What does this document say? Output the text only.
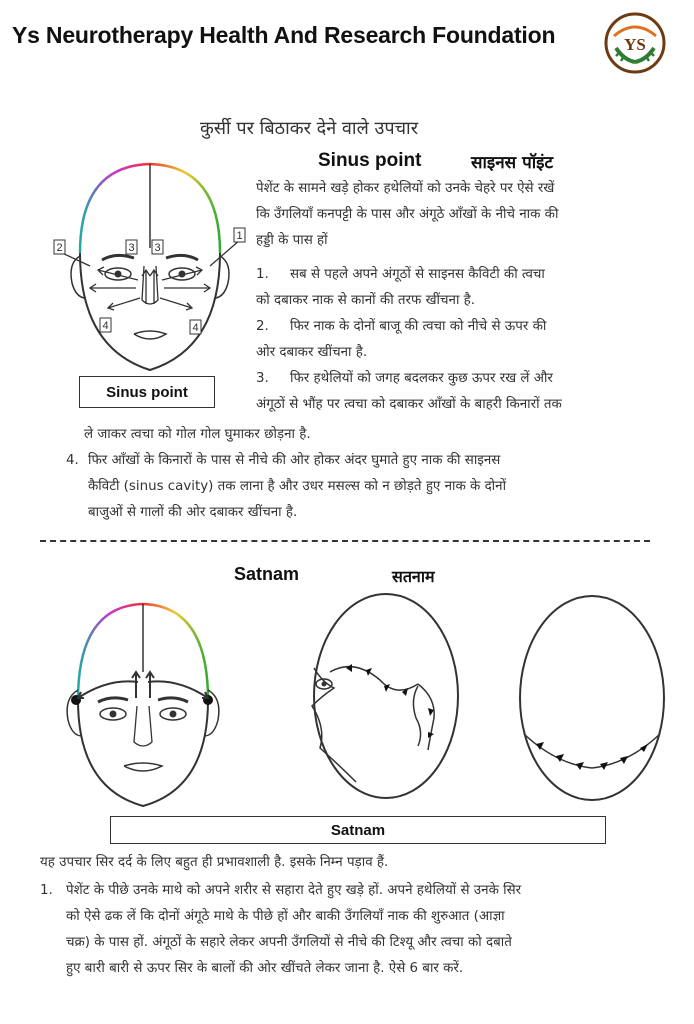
Ys Neurotherapy Health And Research Foundation	YS
कुर्सी पर बिठाकर देने वाले उपचार
Sinus point	साइनस पॉइंट
1
2	3 3
4	4
Sinus point
पेशेंट के सामने खड़े होकर हथेलियों को उनके चेहरे पर ऐसे रखें
कि उँगलियाँ कनपट्टी के पास और अंगूठे आँखों के नीचे नाक की
हड्डी के पास हों
1. सब से पहले अपने अंगूठों से साइनस कैविटी की त्वचा
को दबाकर नाक से कानों की तरफ खींचना है.
2. फिर नाक के दोनों बाजू की त्वचा को नीचे से ऊपर की
ओर दबाकर खींचना है.
3. फिर हथेलियों को जगह बदलकर कुछ ऊपर रख लें और
अंगूठों से भौंह पर त्वचा को दबाकर आँखों के बाहरी किनारों तक
ले जाकर त्वचा को गोल गोल घुमाकर छोड़ना है.
4. फिर आँखों के किनारों के पास से नीचे की ओर होकर अंदर घुमाते हुए नाक की साइनस
कैविटी (sinus cavity) तक लाना है और उधर मसल्स को न छोड़ते हुए नाक के दोनों
बाजुओं से गालों की ओर दबाकर खींचना है.
Satnam	सतनाम
Satnam
यह उपचार सिर दर्द के लिए बहुत ही प्रभावशाली है. इसके निम्न पड़ाव हैं.
1. पेशेंट के पीछे उनके माथे को अपने शरीर से सहारा देते हुए खड़े हों. अपने हथेलियों से उनके सिर
को ऐसे ढक लें कि दोनों अंगूठे माथे के पीछे हों और बाकी उँगलियाँ नाक की शुरुआत (आज्ञा
चक्र) के पास हों. अंगूठों के सहारे लेकर अपनी उँगलियों से नीचे की टिश्यू और त्वचा को दबाते
हुए बारी बारी से ऊपर सिर के बालों की ओर खींचते लेकर जाना है. ऐसे 6 बार करें.
